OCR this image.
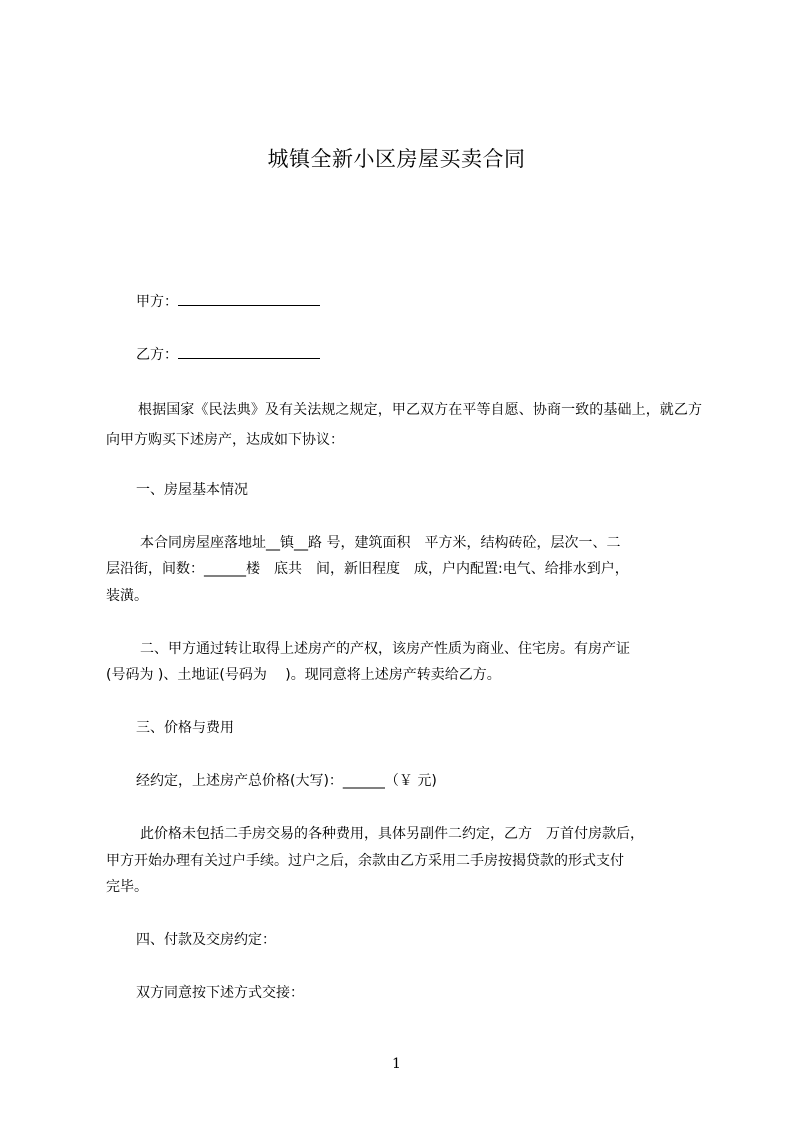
城镇全新小区房屋买卖合同
甲方：
乙方：
根据国家《民法典》及有关法规之规定，甲乙双方在平等自愿、协商一致的基础上，就乙方向甲方购买下述房产，达成如下协议：
一、房屋基本情况
本合同房屋座落地址__镇__路 号，建筑面积　平方米，结构砖砼，层次一、二
层沿街，间数：______楼　底共　间，新旧程度　成，户内配置:电气、给排水到户，
装潢。
二、甲方通过转让取得上述房产的产权，该房产性质为商业、住宅房。有房产证
(号码为 )、土地证(号码为　 )。现同意将上述房产转卖给乙方。
三、价格与费用
经约定，上述房产总价格(大写)：______（￥ 元)
此价格未包括二手房交易的各种费用，具体另副件二约定，乙方　万首付房款后，
甲方开始办理有关过户手续。过户之后，余款由乙方采用二手房按揭贷款的形式支付
完毕。
四、付款及交房约定：
双方同意按下述方式交接：
1
